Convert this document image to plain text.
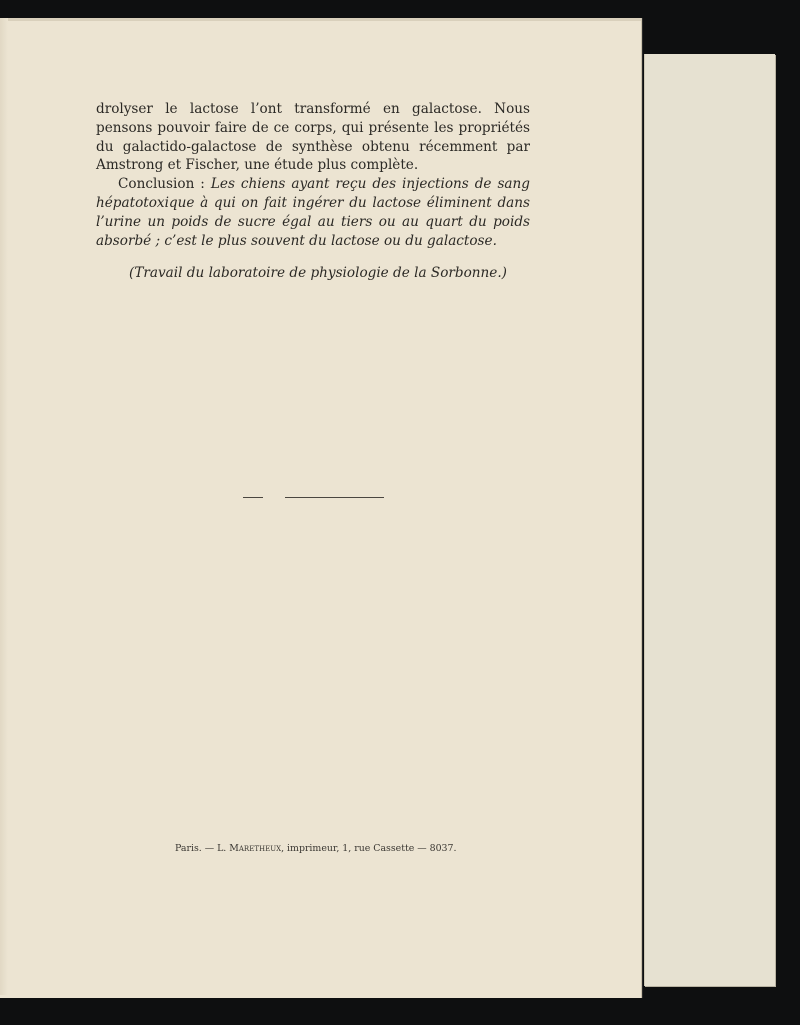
drolyser le lactose l’ont transformé en galactose. Nous pensons pouvoir faire de ce corps, qui présente les propriétés du galactido-galactose de synthèse obtenu récemment par Amstrong et Fischer, une étude plus complète.

Conclusion : Les chiens ayant reçu des injections de sang hépatotoxique à qui on fait ingérer du lactose éliminent dans l’urine un poids de sucre égal au tiers ou au quart du poids absorbé ; c’est le plus souvent du lactose ou du galactose.

(Travail du laboratoire de physiologie de la Sorbonne.)

Paris. — L. Maretheux, imprimeur, 1, rue Cassette — 8037.
